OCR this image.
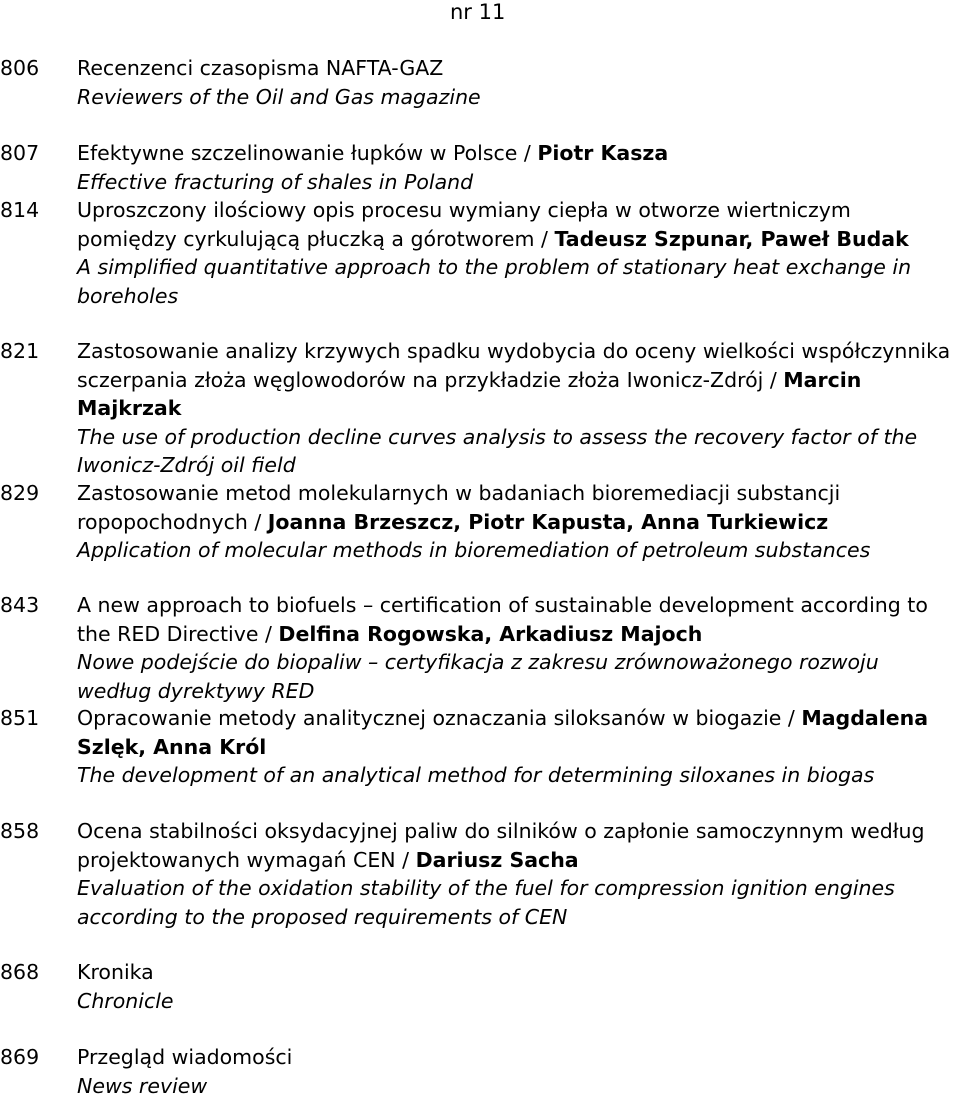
nr 11
806	Recenzenci czasopisma NAFTA-GAZ

Reviewers of the Oil and Gas magazine

807	Efektywne szczelinowanie łupków w Polsce / Piotr Kasza

Effective fracturing of shales in Poland

814	Uproszczony ilościowy opis procesu wymiany ciepła w otworze wiertniczym pomiędzy cyrkulującą płuczką a górotworem / Tadeusz Szpunar, Paweł Budak

A simplified quantitative approach to the problem of stationary heat exchange in boreholes

821	Zastosowanie analizy krzywych spadku wydobycia do oceny wielkości współczynnika sczerpania złoża węglowodorów na przykładzie złoża Iwonicz-Zdrój / Marcin Majkrzak

The use of production decline curves analysis to assess the recovery factor of the Iwonicz-Zdrój oil field

829	Zastosowanie metod molekularnych w badaniach bioremediacji substancji ropopochodnych / Joanna Brzeszcz, Piotr Kapusta, Anna Turkiewicz

Application of molecular methods in bioremediation of petroleum substances

843	A new approach to biofuels – certification of sustainable development according to the RED Directive / Delfina Rogowska, Arkadiusz Majoch

Nowe podejście do biopaliw – certyfikacja z zakresu zrównoważonego rozwoju według dyrektywy RED

851	Opracowanie metody analitycznej oznaczania siloksanów w biogazie / Magdalena Szlęk, Anna Król

The development of an analytical method for determining siloxanes in biogas

858	Ocena stabilności oksydacyjnej paliw do silników o zapłonie samoczynnym według projektowanych wymagań CEN / Dariusz Sacha

Evaluation of the oxidation stability of the fuel for compression ignition engines according to the proposed requirements of CEN

868	Kronika

Chronicle

869	Przegląd wiadomości

News review
